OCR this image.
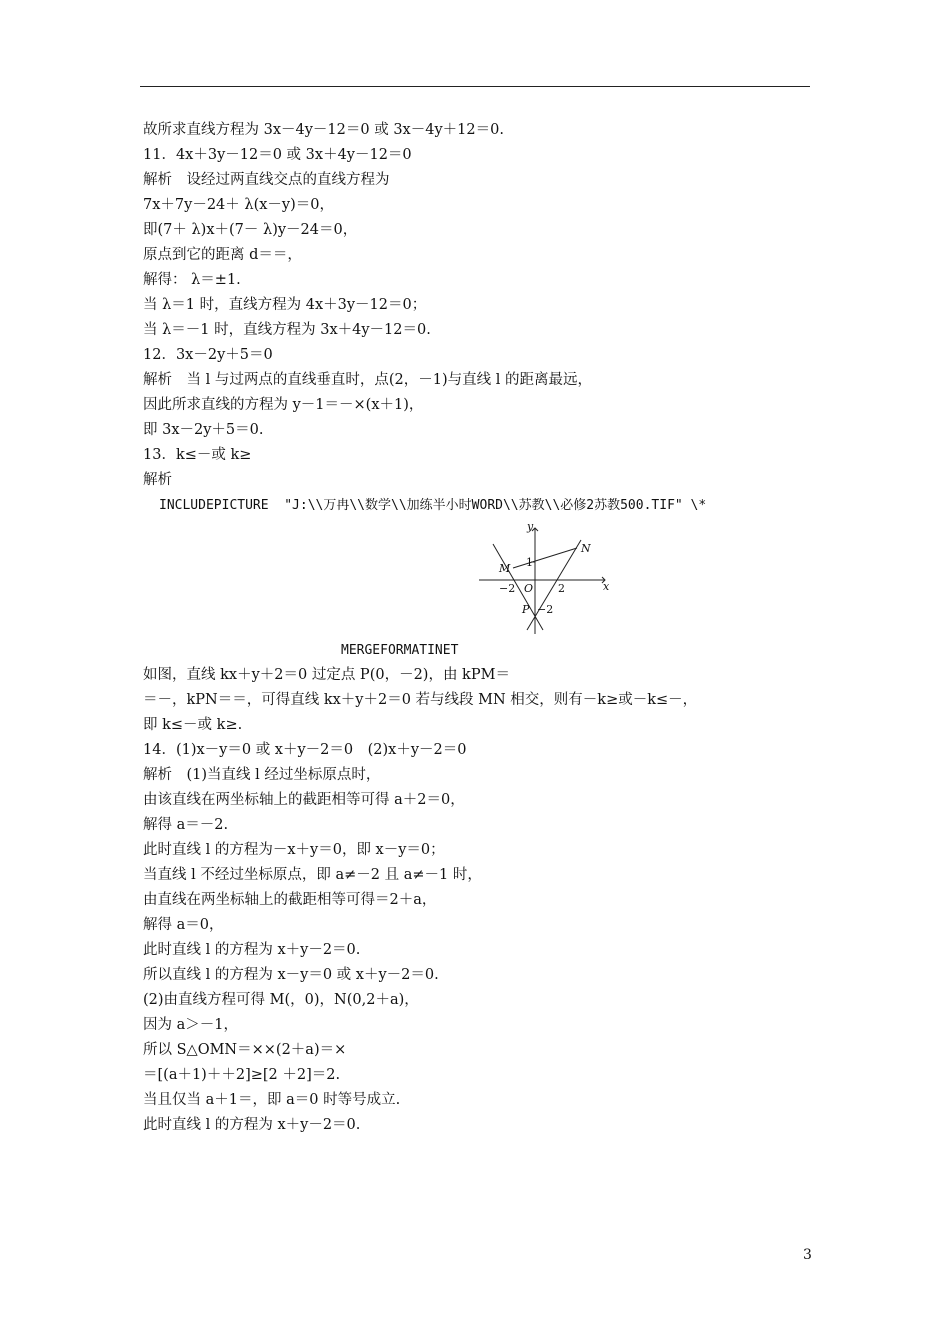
故所求直线方程为 3x－4y－12＝0 或 3x－4y＋12＝0.
11．4x＋3y－12＝0 或 3x＋4y－12＝0
解析　设经过两直线交点的直线方程为
7x＋7y－24＋ λ(x－y)＝0，
即(7＋ λ)x＋(7－ λ)y－24＝0，
原点到它的距离 d＝＝，
解得： λ＝±1.
当 λ＝1 时，直线方程为 4x＋3y－12＝0；
当 λ＝－1 时，直线方程为 3x＋4y－12＝0.
12．3x－2y＋5＝0
解析　当 l 与过两点的直线垂直时，点(2，－1)与直线 l 的距离最远，
因此所求直线的方程为 y－1＝－×(x＋1)，
即 3x－2y＋5＝0.
13．k≤－或 k≥
解析
INCLUDEPICTURE  "J:\\万冉\\数学\\加练半小时WORD\\苏教\\必修2苏教500.TIF" \*
y
x
M
N
O
P
−2	2
1
−2
MERGEFORMATINET
如图，直线 kx＋y＋2＝0 过定点 P(0，－2)，由 kPM＝
＝－，kPN＝＝，可得直线 kx＋y＋2＝0 若与线段 MN 相交，则有－k≥或－k≤－，
即 k≤－或 k≥.
14．(1)x－y＝0 或 x＋y－2＝0　(2)x＋y－2＝0
解析　(1)当直线 l 经过坐标原点时，
由该直线在两坐标轴上的截距相等可得 a＋2＝0，
解得 a＝－2.
此时直线 l 的方程为－x＋y＝0，即 x－y＝0；
当直线 l 不经过坐标原点，即 a≠－2 且 a≠－1 时，
由直线在两坐标轴上的截距相等可得＝2＋a，
解得 a＝0，
此时直线 l 的方程为 x＋y－2＝0.
所以直线 l 的方程为 x－y＝0 或 x＋y－2＝0.
(2)由直线方程可得 M(，0)，N(0,2＋a)，
因为 a＞－1，
所以 S△OMN＝××(2＋a)＝×
＝[(a＋1)＋＋2]≥[2 ＋2]＝2.
当且仅当 a＋1＝，即 a＝0 时等号成立.
此时直线 l 的方程为 x＋y－2＝0.
3
